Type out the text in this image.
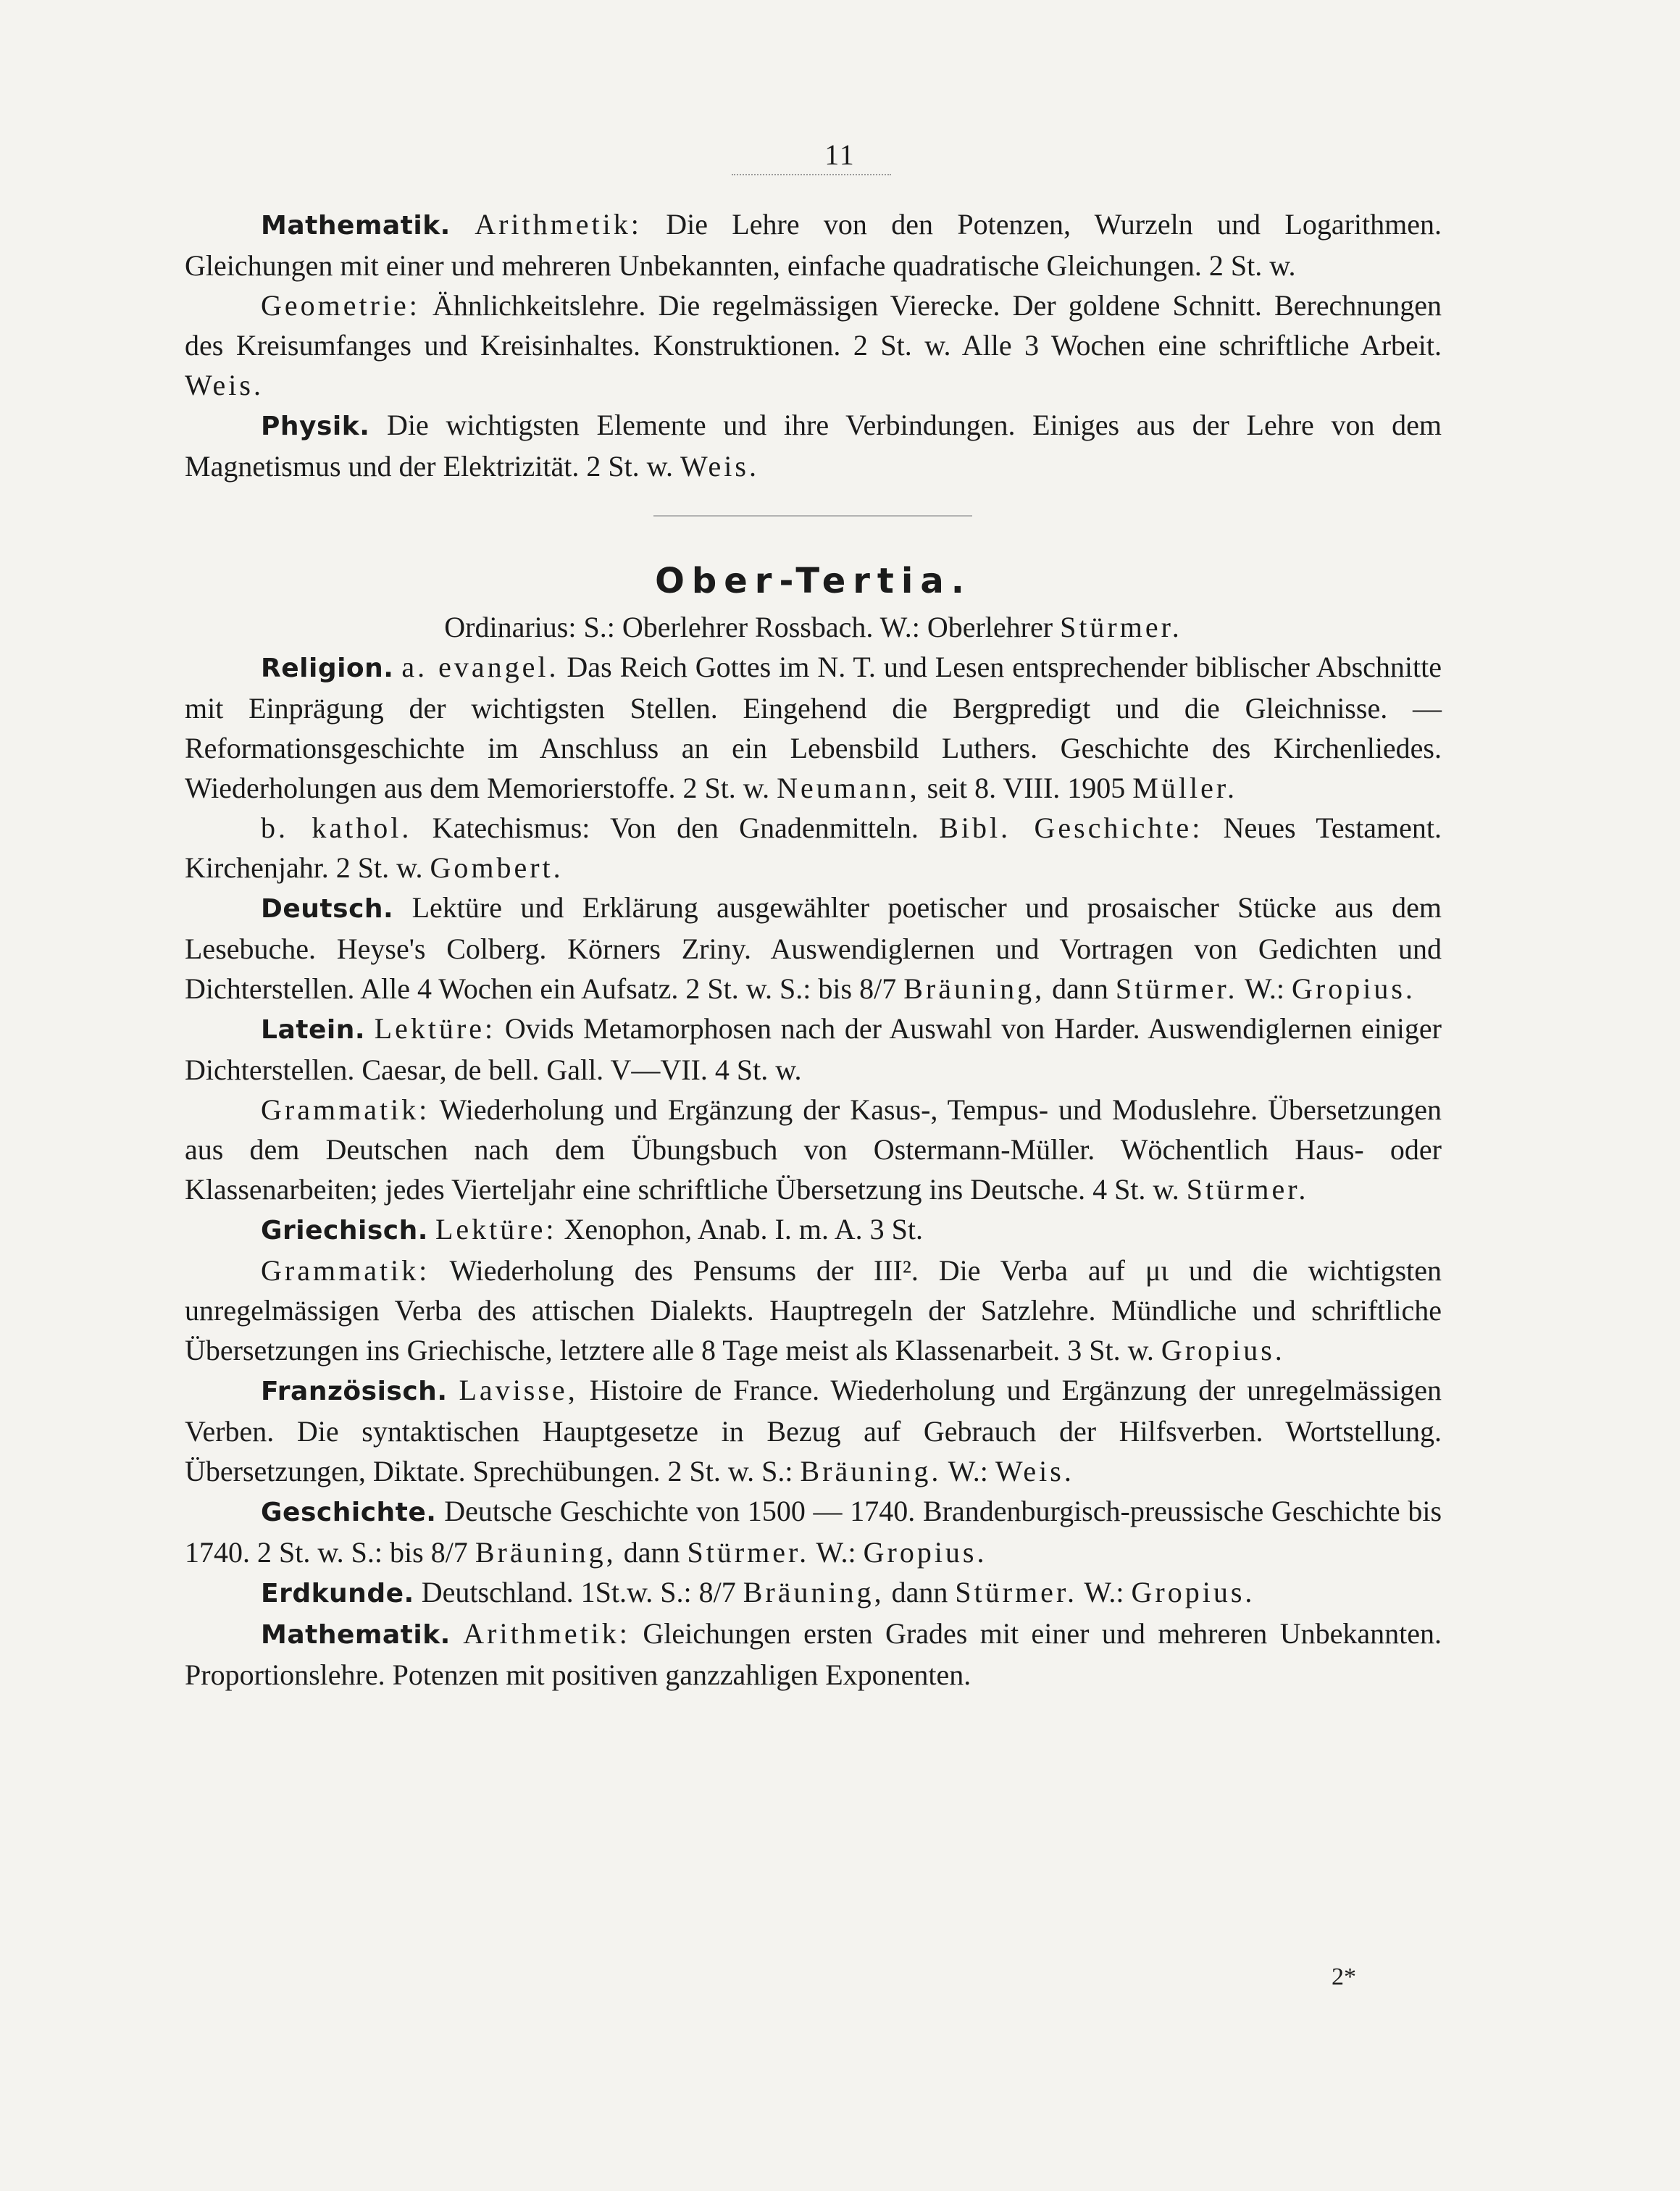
11

Mathematik. Arithmetik: Die Lehre von den Potenzen, Wurzeln und Logarithmen. Gleichungen mit einer und mehreren Unbekannten, einfache quadratische Gleichungen. 2 St. w.

Geometrie: Ähnlichkeitslehre. Die regelmässigen Vierecke. Der goldene Schnitt. Berechnungen des Kreisumfanges und Kreisinhaltes. Konstruktionen. 2 St. w. Alle 3 Wochen eine schriftliche Arbeit. Weis.

Physik. Die wichtigsten Elemente und ihre Verbindungen. Einiges aus der Lehre von dem Magnetismus und der Elektrizität. 2 St. w. Weis.

Ober-Tertia.

Ordinarius: S.: Oberlehrer Rossbach. W.: Oberlehrer Stürmer.

Religion. a. evangel. Das Reich Gottes im N. T. und Lesen entsprechender biblischer Abschnitte mit Einprägung der wichtigsten Stellen. Eingehend die Bergpredigt und die Gleichnisse. — Reformationsgeschichte im Anschluss an ein Lebensbild Luthers. Geschichte des Kirchenliedes. Wiederholungen aus dem Memorierstoffe. 2 St. w. Neumann, seit 8. VIII. 1905 Müller.

b. kathol. Katechismus: Von den Gnadenmitteln. Bibl. Geschichte: Neues Testament. Kirchenjahr. 2 St. w. Gombert.

Deutsch. Lektüre und Erklärung ausgewählter poetischer und prosaischer Stücke aus dem Lesebuche. Heyse's Colberg. Körners Zriny. Auswendiglernen und Vortragen von Gedichten und Dichterstellen. Alle 4 Wochen ein Aufsatz. 2 St. w. S.: bis 8/7 Bräuning, dann Stürmer. W.: Gropius.

Latein. Lektüre: Ovids Metamorphosen nach der Auswahl von Harder. Auswendiglernen einiger Dichterstellen. Caesar, de bell. Gall. V—VII. 4 St. w.

Grammatik: Wiederholung und Ergänzung der Kasus-, Tempus- und Moduslehre. Übersetzungen aus dem Deutschen nach dem Übungsbuch von Ostermann-Müller. Wöchentlich Haus- oder Klassenarbeiten; jedes Vierteljahr eine schriftliche Übersetzung ins Deutsche. 4 St. w. Stürmer.

Griechisch. Lektüre: Xenophon, Anab. I. m. A. 3 St.

Grammatik: Wiederholung des Pensums der III². Die Verba auf μι und die wichtigsten unregelmässigen Verba des attischen Dialekts. Hauptregeln der Satzlehre. Mündliche und schriftliche Übersetzungen ins Griechische, letztere alle 8 Tage meist als Klassenarbeit. 3 St. w. Gropius.

Französisch. Lavisse, Histoire de France. Wiederholung und Ergänzung der unregelmässigen Verben. Die syntaktischen Hauptgesetze in Bezug auf Gebrauch der Hilfsverben. Wortstellung. Übersetzungen, Diktate. Sprechübungen. 2 St. w. S.: Bräuning. W.: Weis.

Geschichte. Deutsche Geschichte von 1500 — 1740. Brandenburgisch-preussische Geschichte bis 1740. 2 St. w. S.: bis 8/7 Bräuning, dann Stürmer. W.: Gropius.

Erdkunde. Deutschland. 1St.w. S.: 8/7 Bräuning, dann Stürmer. W.: Gropius.

Mathematik. Arithmetik: Gleichungen ersten Grades mit einer und mehreren Unbekannten. Proportionslehre. Potenzen mit positiven ganzzahligen Exponenten.

2*
